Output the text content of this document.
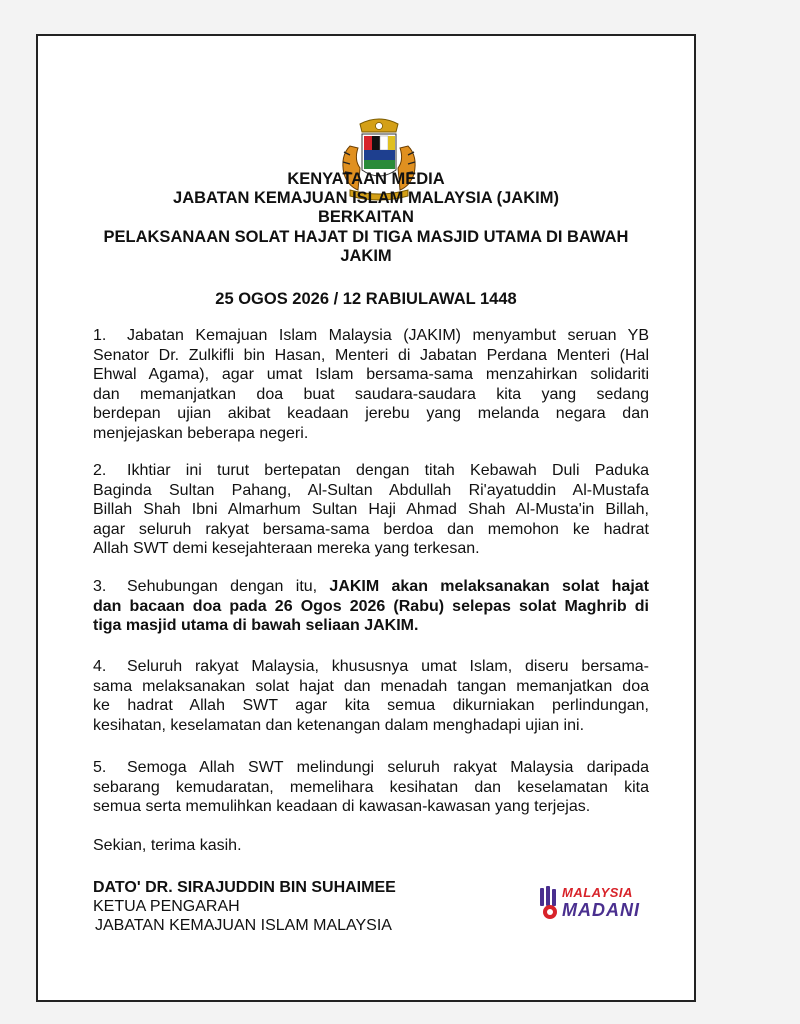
KENYATAAN MEDIA
JABATAN KEMAJUAN ISLAM MALAYSIA (JAKIM)
BERKAITAN
PELAKSANAAN SOLAT HAJAT DI TIGA MASJID UTAMA DI BAWAH
JAKIM
25 OGOS 2026 / 12 RABIULAWAL 1448
1. Jabatan Kemajuan Islam Malaysia (JAKIM) menyambut seruan YB
Senator Dr. Zulkifli bin Hasan, Menteri di Jabatan Perdana Menteri (Hal
Ehwal Agama), agar umat Islam bersama-sama menzahirkan solidariti
dan memanjatkan doa buat saudara-saudara kita yang sedang
berdepan ujian akibat keadaan jerebu yang melanda negara dan
menjejaskan beberapa negeri.
2. Ikhtiar ini turut bertepatan dengan titah Kebawah Duli Paduka
Baginda Sultan Pahang, Al-Sultan Abdullah Ri'ayatuddin Al-Mustafa
Billah Shah Ibni Almarhum Sultan Haji Ahmad Shah Al-Musta'in Billah,
agar seluruh rakyat bersama-sama berdoa dan memohon ke hadrat
Allah SWT demi kesejahteraan mereka yang terkesan.
3. Sehubungan dengan itu, JAKIM akan melaksanakan solat hajat
dan bacaan doa pada 26 Ogos 2026 (Rabu) selepas solat Maghrib di
tiga masjid utama di bawah seliaan JAKIM.
4. Seluruh rakyat Malaysia, khususnya umat Islam, diseru bersama-
sama melaksanakan solat hajat dan menadah tangan memanjatkan doa
ke hadrat Allah SWT agar kita semua dikurniakan perlindungan,
kesihatan, keselamatan dan ketenangan dalam menghadapi ujian ini.
5. Semoga Allah SWT melindungi seluruh rakyat Malaysia daripada
sebarang kemudaratan, memelihara kesihatan dan keselamatan kita
semua serta memulihkan keadaan di kawasan-kawasan yang terjejas.
Sekian, terima kasih.
DATO' DR. SIRAJUDDIN BIN SUHAIMEE
KETUA PENGARAH
JABATAN KEMAJUAN ISLAM MALAYSIA
MALAYSIA
MADANI
